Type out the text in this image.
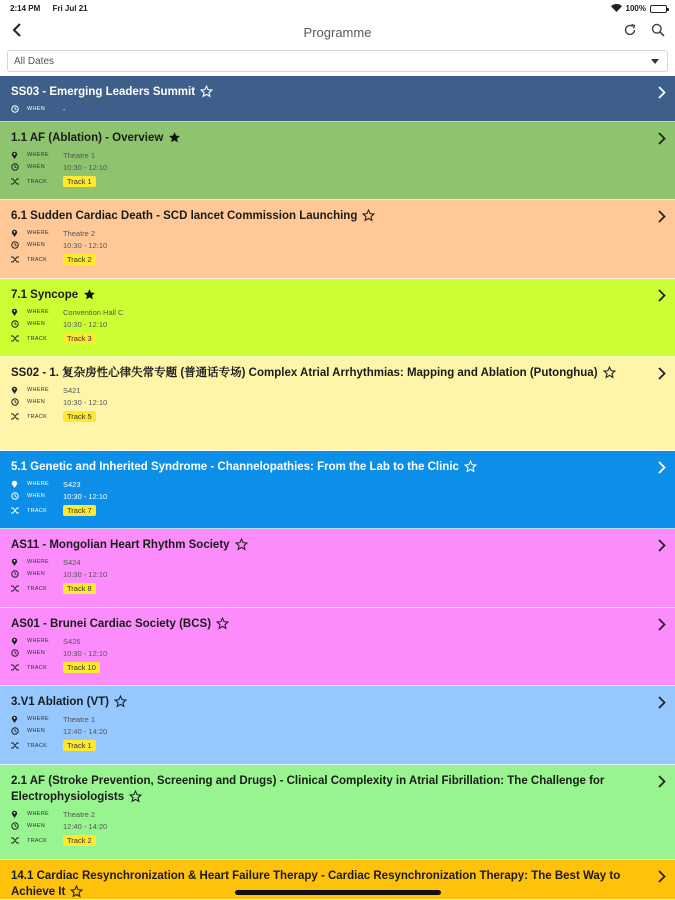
2:14 PM Fri Jul 21	100%
Programme
All Dates
SS03 - Emerging Leaders Summit
WHEN	-
1.1 AF (Ablation) - Overview
WHERE	Theatre 1
WHEN	10:30 - 12:10
TRACK	Track 1
6.1 Sudden Cardiac Death - SCD lancet Commission Launching
WHERE	Theatre 2
WHEN	10:30 - 12:10
TRACK	Track 2
7.1 Syncope
WHERE	Convention Hall C
WHEN	10:30 - 12:10
TRACK	Track 3
SS02 - 1. 复杂房性心律失常专题 (普通话专场) Complex Atrial Arrhythmias: Mapping and Ablation (Putonghua)
WHERE	S421
WHEN	10:30 - 12:10
TRACK	Track 5
5.1 Genetic and Inherited Syndrome - Channelopathies: From the Lab to the Clinic
WHERE	S423
WHEN	10:30 - 12:10
TRACK	Track 7
AS11 - Mongolian Heart Rhythm Society
WHERE	S424
WHEN	10:30 - 12:10
TRACK	Track 8
AS01 - Brunei Cardiac Society (BCS)
WHERE	S426
WHEN	10:30 - 12:10
TRACK	Track 10
3.V1 Ablation (VT)
WHERE	Theatre 1
WHEN	12:40 - 14:20
TRACK	Track 1
2.1 AF (Stroke Prevention, Screening and Drugs) - Clinical Complexity in Atrial Fibrillation: The Challenge for Electrophysiologists
WHERE	Theatre 2
WHEN	12:40 - 14:20
TRACK	Track 2
14.1 Cardiac Resynchronization & Heart Failure Therapy - Cardiac Resynchronization Therapy: The Best Way to Achieve It
